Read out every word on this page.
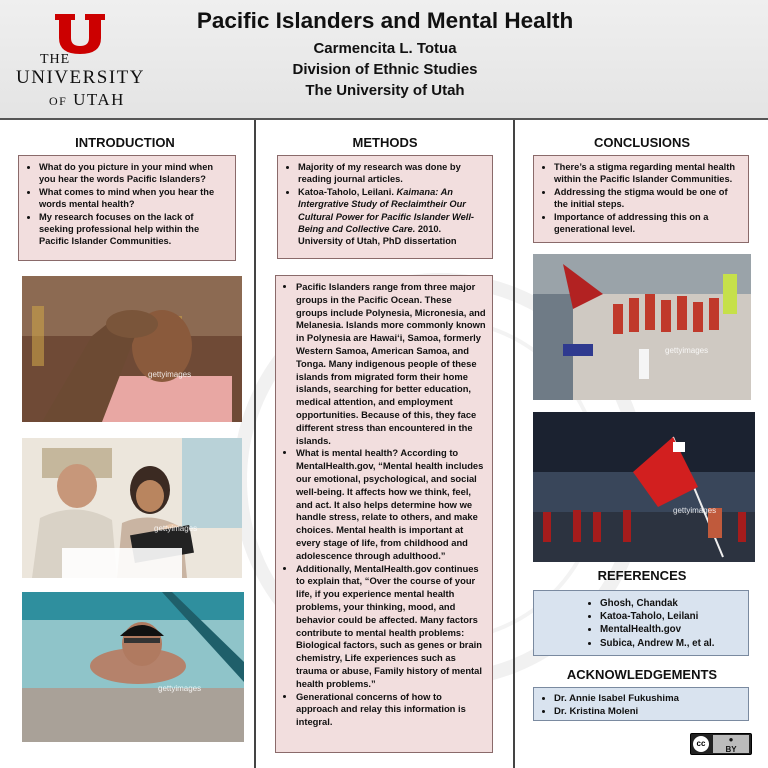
THE
UNIVERSITY
OF UTAH
Pacific Islanders and Mental Health
Carmencita L. Totua
Division of Ethnic Studies
The University of Utah
INTRODUCTION
• What do you picture in your mind when you hear the words Pacific Islanders?
• What comes to mind when you hear the words mental health?
• My research focuses on the lack of seeking professional help within the Pacific Islander Communities.
gettyimages
gettyimages
gettyimages
METHODS
• Majority of my research was done by reading journal articles.
• Katoa-Taholo, Leilani. Kaimana: An Intergrative Study of Reclaimtheir Our Cultural Power for Pacific Islander Well-Being and Collective Care. 2010. University of Utah, PhD dissertation
• Pacific Islanders range from three major groups in the Pacific Ocean. These groups include Polynesia, Micronesia, and Melanesia. Islands more commonly known in Polynesia are Hawai‘i, Samoa, formerly Western Samoa, American Samoa, and Tonga. Many indigenous people of these islands from migrated form their home islands, searching for better education, medical attention, and employment opportunities. Because of this, they face different stress than encountered in the islands.
• What is mental health? According to MentalHealth.gov, “Mental health includes our emotional, psychological, and social well-being. It affects how we think, feel, and act. It also helps determine how we handle stress, relate to others, and make choices. Mental health is important at every stage of life, from childhood and adolescence through adulthood.”
• Additionally, MentalHealth.gov continues to explain that, “Over the course of your life, if you experience mental health problems, your thinking, mood, and behavior could be affected. Many factors contribute to mental health problems: Biological factors, such as genes or brain chemistry, Life experiences such as trauma or abuse, Family history of mental health problems.”
• Generational concerns of how to approach and relay this information is integral.
CONCLUSIONS
• There’s a stigma regarding mental health within the Pacific Islander Communities.
• Addressing the stigma would be one of the initial steps.
• Importance of addressing this on a generational level.
gettyimages
gettyimages
REFERENCES
• Ghosh, Chandak
• Katoa-Taholo, Leilani
• MentalHealth.gov
• Subica, Andrew M., et al.
ACKNOWLEDGEMENTS
• Dr. Annie Isabel Fukushima
• Dr. Kristina Moleni
cc	●
BY
